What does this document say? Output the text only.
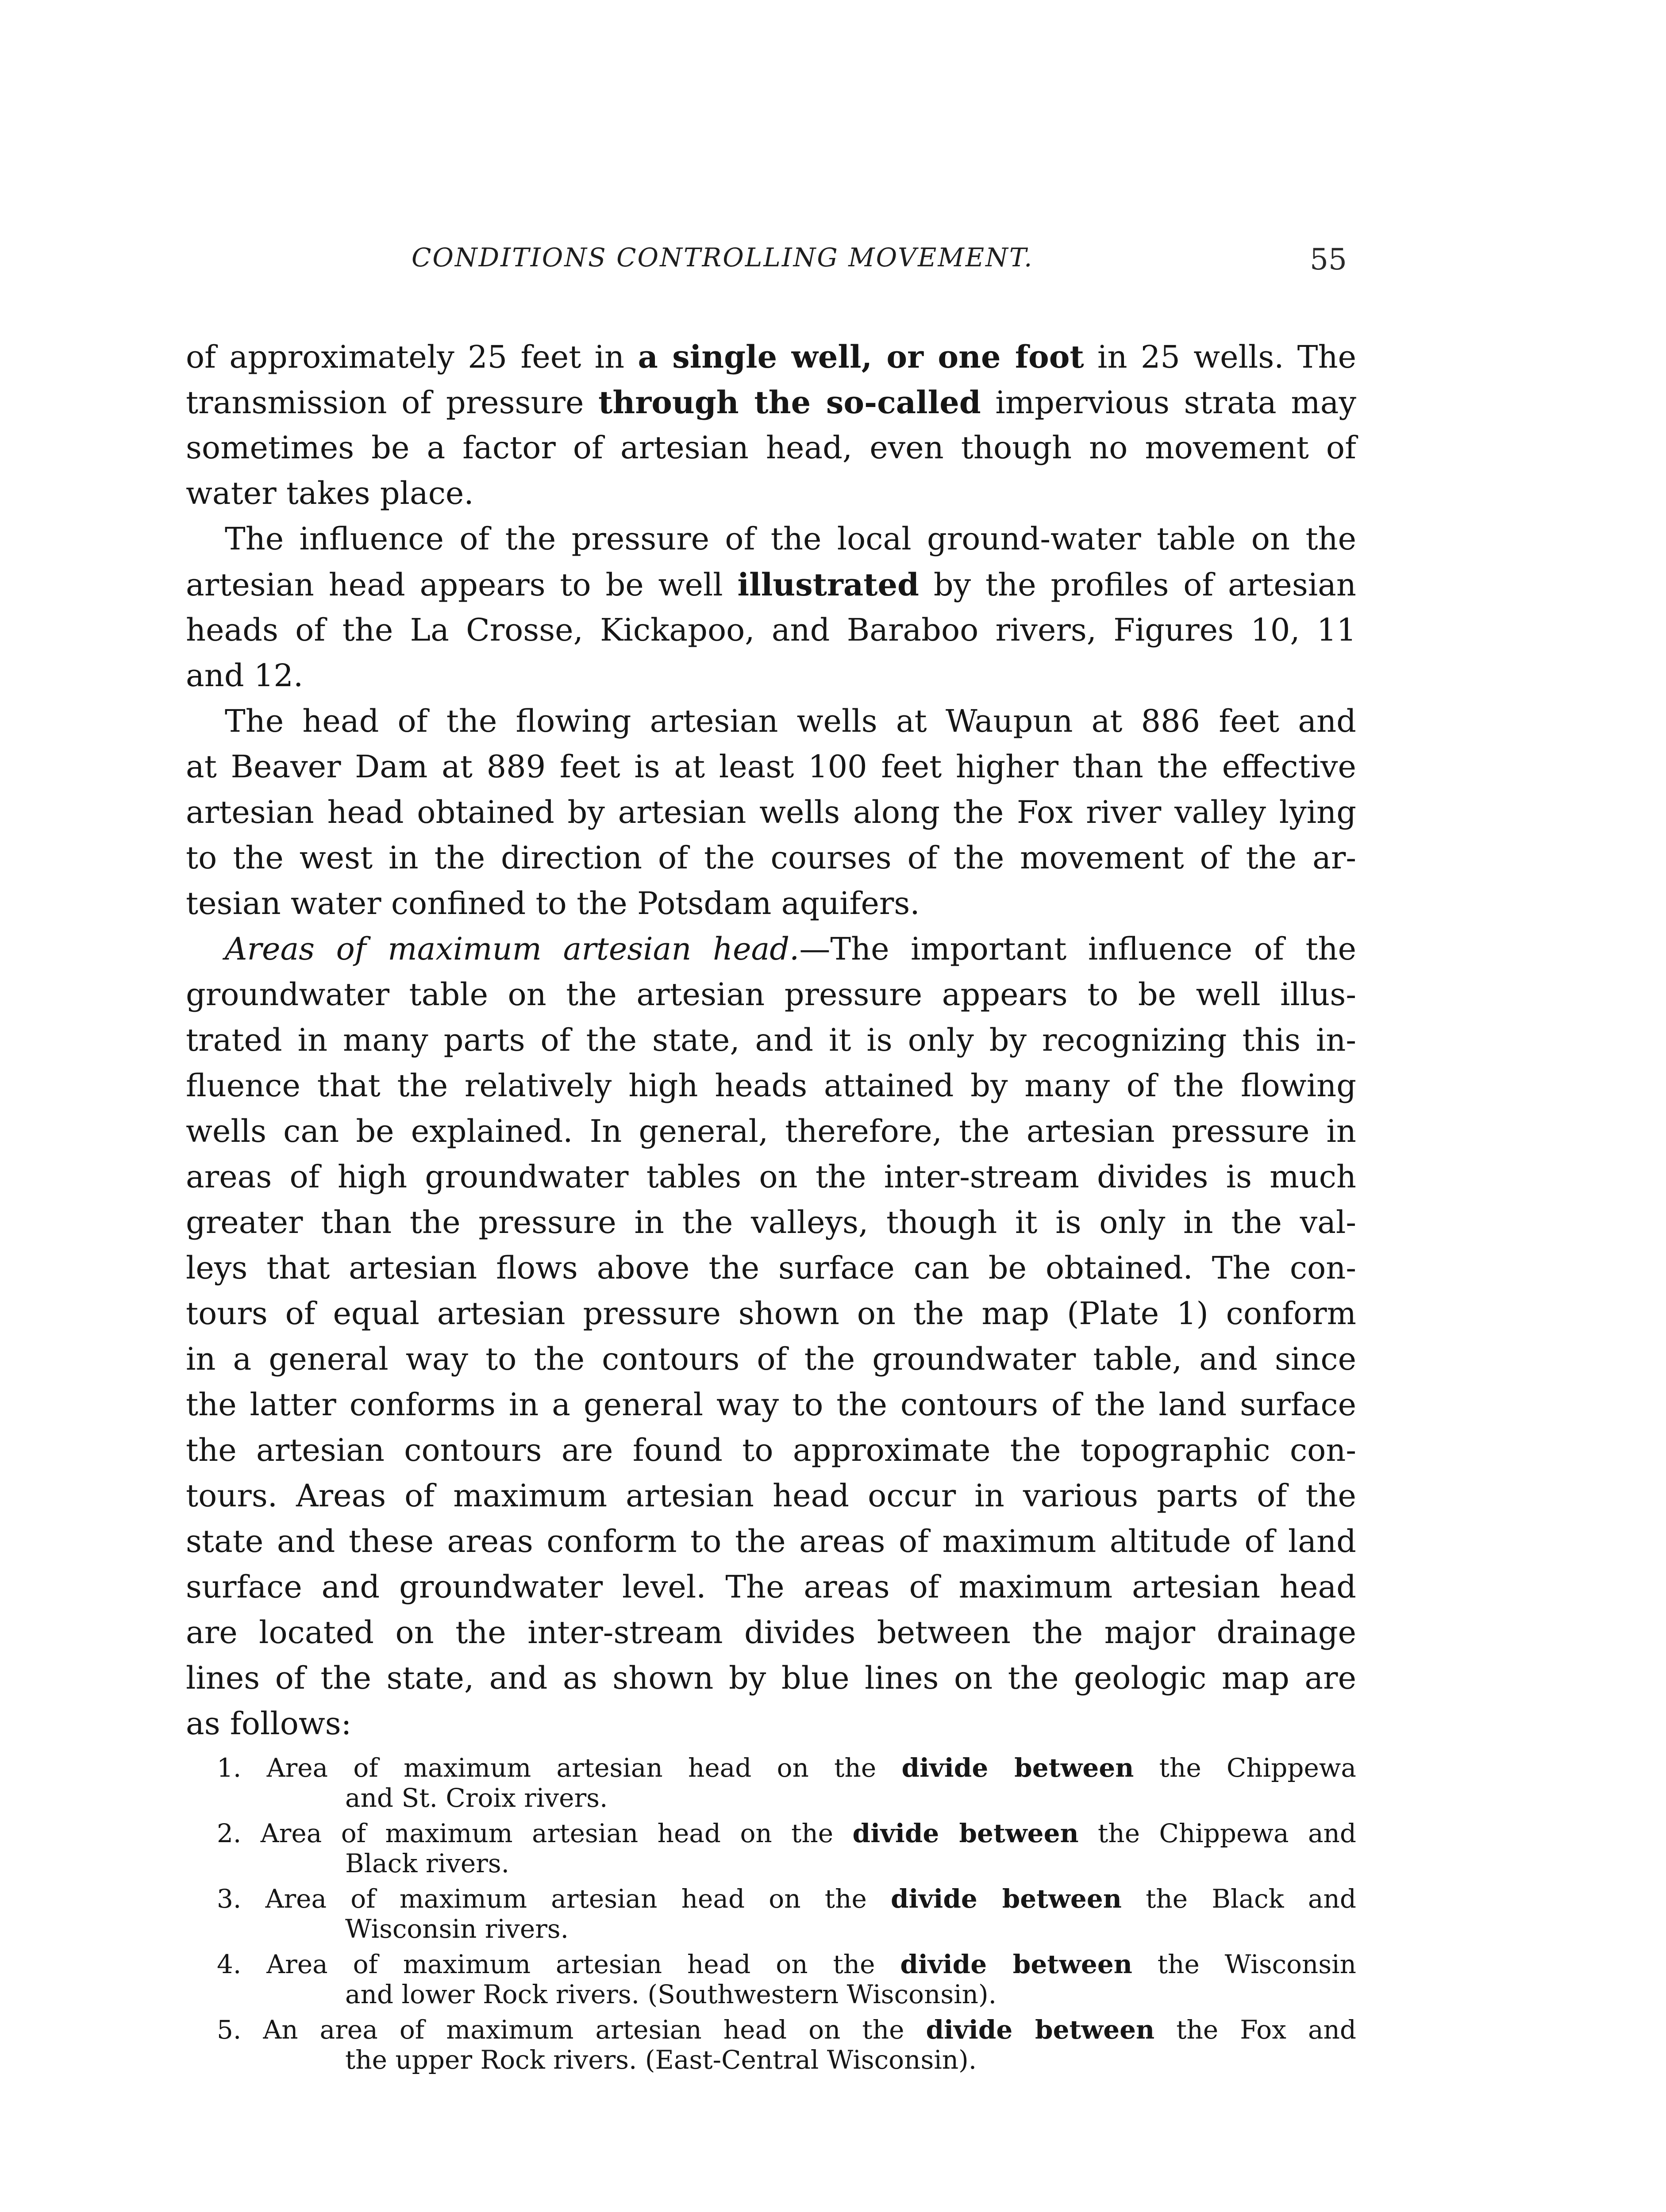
CONDITIONS CONTROLLING MOVEMENT.	55
of approximately 25 feet in a single well, or one foot in 25 wells. The
transmission of pressure through the so-called impervious strata may
sometimes be a factor of artesian head, even though no movement of
water takes place.
The influence of the pressure of the local ground-water table on the
artesian head appears to be well illustrated by the profiles of artesian
heads of the La Crosse, Kickapoo, and Baraboo rivers, Figures 10, 11
and 12.
The head of the flowing artesian wells at Waupun at 886 feet and
at Beaver Dam at 889 feet is at least 100 feet higher than the effective
artesian head obtained by artesian wells along the Fox river valley lying
to the west in the direction of the courses of the movement of the ar-
tesian water confined to the Potsdam aquifers.
Areas of maximum artesian head.—The important influence of the
groundwater table on the artesian pressure appears to be well illus-
trated in many parts of the state, and it is only by recognizing this in-
fluence that the relatively high heads attained by many of the flowing
wells can be explained. In general, therefore, the artesian pressure in
areas of high groundwater tables on the inter-stream divides is much
greater than the pressure in the valleys, though it is only in the val-
leys that artesian flows above the surface can be obtained. The con-
tours of equal artesian pressure shown on the map (Plate 1) conform
in a general way to the contours of the groundwater table, and since
the latter conforms in a general way to the contours of the land surface
the artesian contours are found to approximate the topographic con-
tours. Areas of maximum artesian head occur in various parts of the
state and these areas conform to the areas of maximum altitude of land
surface and groundwater level. The areas of maximum artesian head
are located on the inter-stream divides between the major drainage
lines of the state, and as shown by blue lines on the geologic map are
as follows:
1. Area of maximum artesian head on the divide between the Chippewa
and St. Croix rivers.
2. Area of maximum artesian head on the divide between the Chippewa and
Black rivers.
3. Area of maximum artesian head on the divide between the Black and
Wisconsin rivers.
4. Area of maximum artesian head on the divide between the Wisconsin
and lower Rock rivers. (Southwestern Wisconsin).
5. An area of maximum artesian head on the divide between the Fox and
the upper Rock rivers. (East-Central Wisconsin).
